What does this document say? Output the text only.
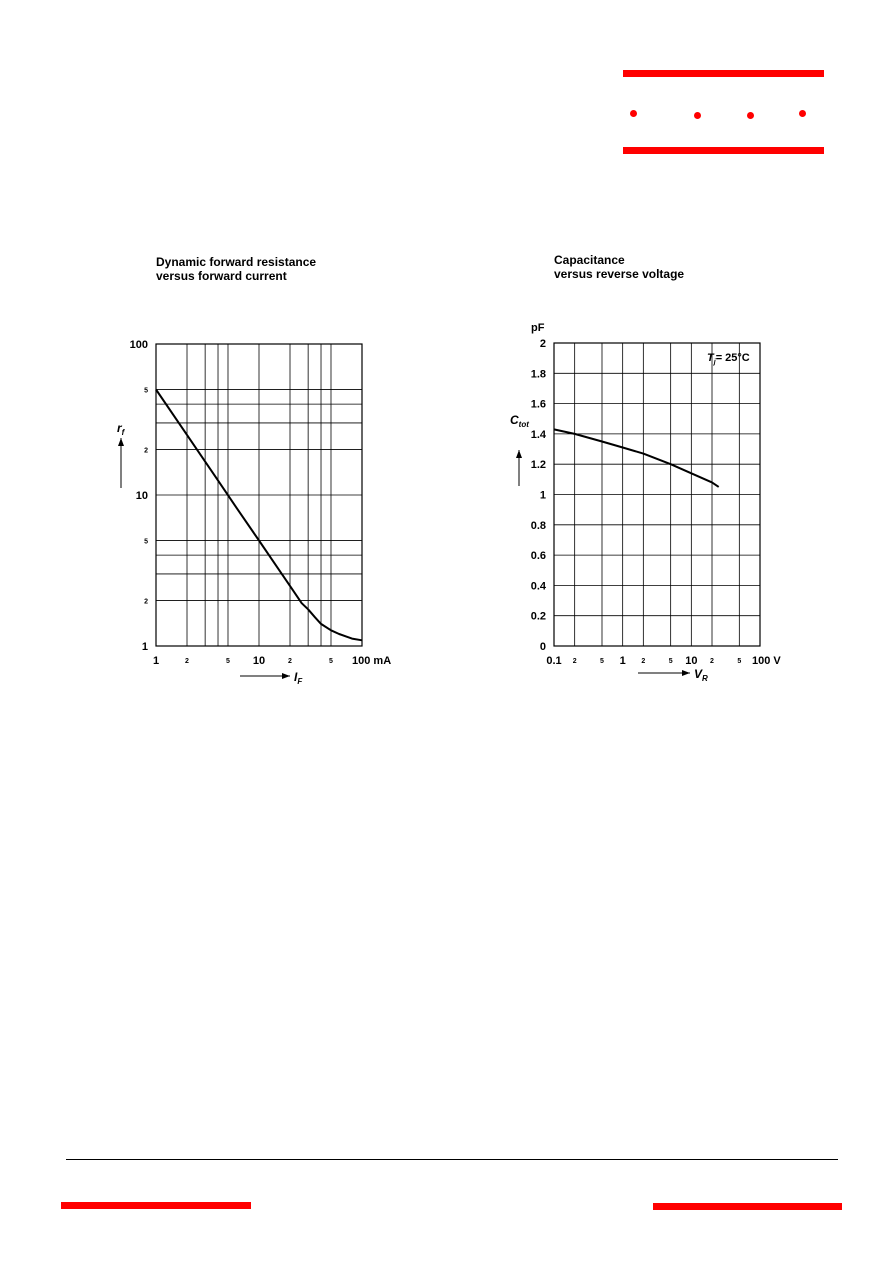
Dynamic forward resistance
versus forward current
Capacitance
versus reverse voltage
1	2	5 10	2	5 100 mA
1
2
5
10
2
5
100
$I_F$
$r_f$
0.1 2	5 1 2	5 10 2	5 100 V
0
0.2
0.4
0.6
0.8
1
1.2
1.4
1.6
1.8
2
$V_R$
$C_{tot}$
pF
$T_j= 25^\circ C$
